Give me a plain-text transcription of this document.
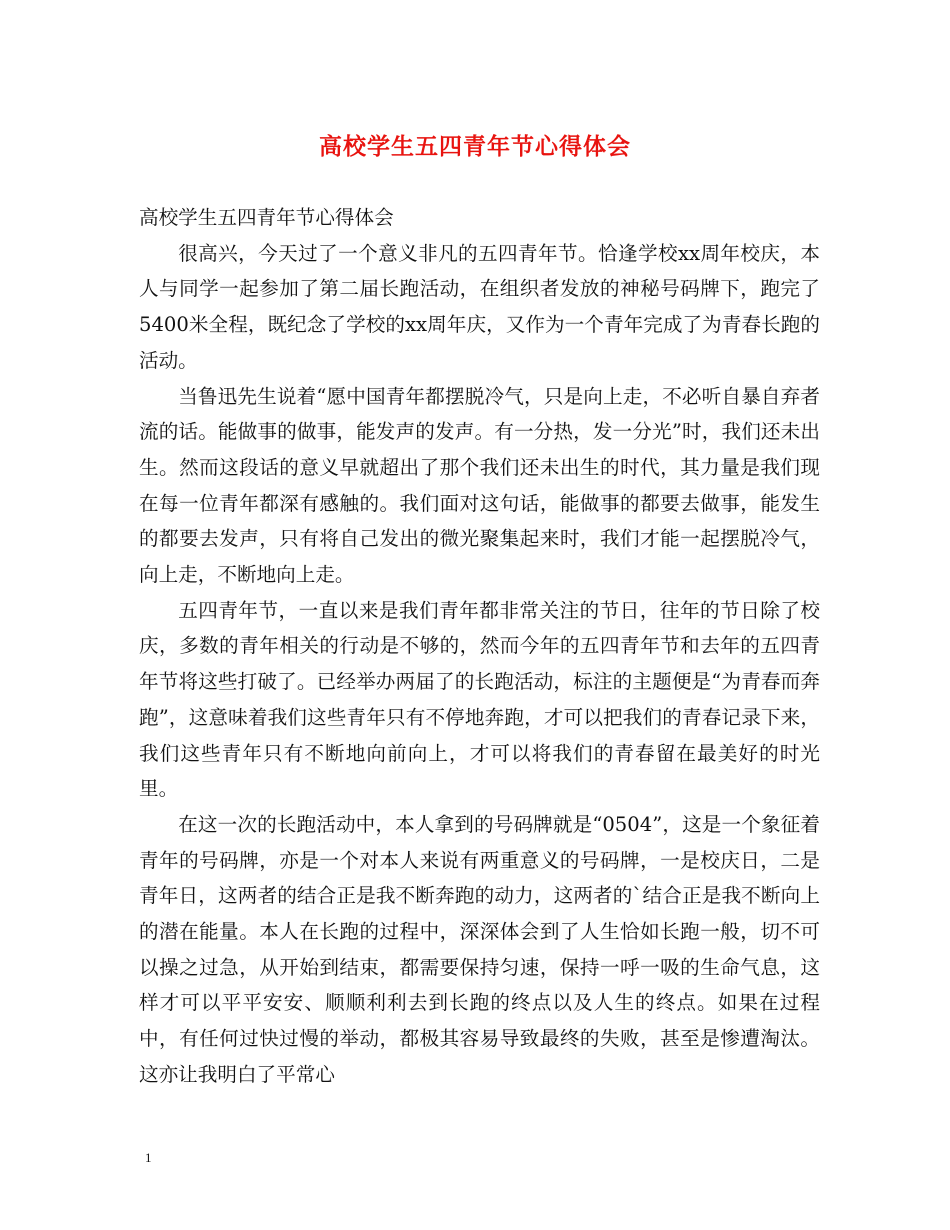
高校学生五四青年节心得体会

高校学生五四青年节心得体会

很高兴，今天过了一个意义非凡的五四青年节。恰逢学校xx周年校庆，本人与同学一起参加了第二届长跑活动，在组织者发放的神秘号码牌下，跑完了5400米全程，既纪念了学校的xx周年庆，又作为一个青年完成了为青春长跑的活动。

当鲁迅先生说着“愿中国青年都摆脱冷气，只是向上走，不必听自暴自弃者流的话。能做事的做事，能发声的发声。有一分热，发一分光”时，我们还未出生。然而这段话的意义早就超出了那个我们还未出生的时代，其力量是我们现在每一位青年都深有感触的。我们面对这句话，能做事的都要去做事，能发生的都要去发声，只有将自己发出的微光聚集起来时，我们才能一起摆脱冷气，向上走，不断地向上走。

五四青年节，一直以来是我们青年都非常关注的节日，往年的节日除了校庆，多数的青年相关的行动是不够的，然而今年的五四青年节和去年的五四青年节将这些打破了。已经举办两届了的长跑活动，标注的主题便是“为青春而奔跑”，这意味着我们这些青年只有不停地奔跑，才可以把我们的青春记录下来，我们这些青年只有不断地向前向上，才可以将我们的青春留在最美好的时光里。

在这一次的长跑活动中，本人拿到的号码牌就是“0504”，这是一个象征着青年的号码牌，亦是一个对本人来说有两重意义的号码牌，一是校庆日，二是青年日，这两者的结合正是我不断奔跑的动力，这两者的`结合正是我不断向上的潜在能量。本人在长跑的过程中，深深体会到了人生恰如长跑一般，切不可以操之过急，从开始到结束，都需要保持匀速，保持一呼一吸的生命气息，这样才可以平平安安、顺顺利利去到长跑的终点以及人生的终点。如果在过程中，有任何过快过慢的举动，都极其容易导致最终的失败，甚至是惨遭淘汰。这亦让我明白了平常心

1
